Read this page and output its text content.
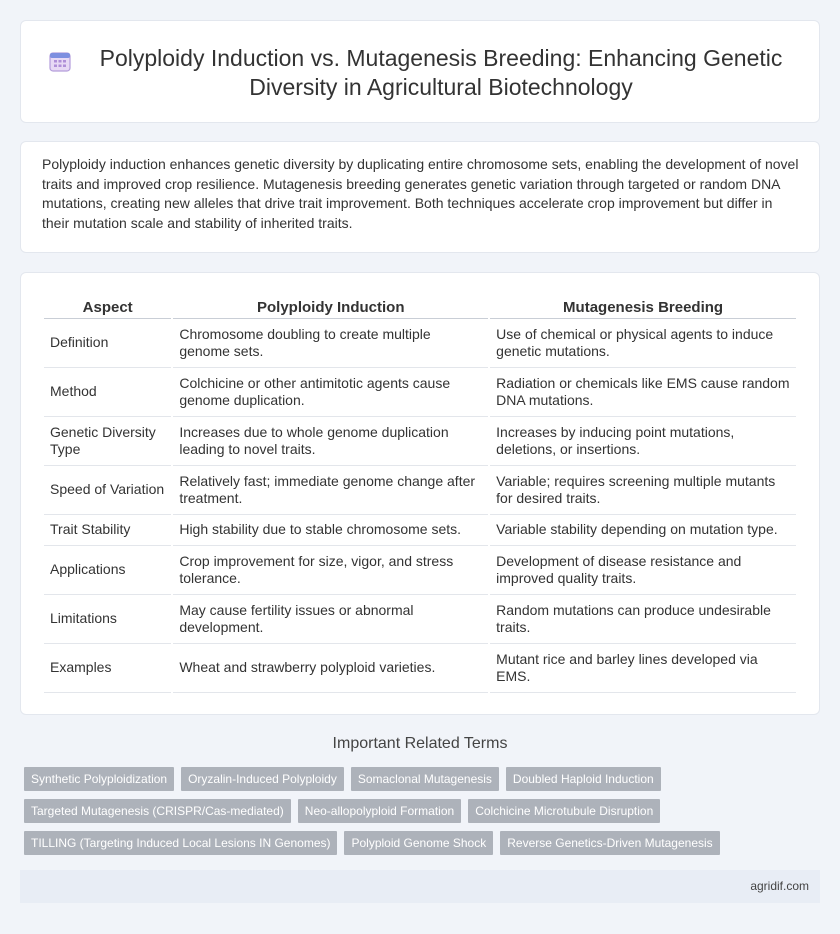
Polyploidy Induction vs. Mutagenesis Breeding: Enhancing Genetic Diversity in Agricultural Biotechnology

Polyploidy induction enhances genetic diversity by duplicating entire chromosome sets, enabling the development of novel traits and improved crop resilience. Mutagenesis breeding generates genetic variation through targeted or random DNA mutations, creating new alleles that drive trait improvement. Both techniques accelerate crop improvement but differ in their mutation scale and stability of inherited traits.

Aspect	Polyploidy Induction	Mutagenesis Breeding
Definition	Chromosome doubling to create multiple genome sets.	Use of chemical or physical agents to induce genetic mutations.
Method	Colchicine or other antimitotic agents cause genome duplication.	Radiation or chemicals like EMS cause random DNA mutations.
Genetic Diversity Type	Increases due to whole genome duplication leading to novel traits.	Increases by inducing point mutations, deletions, or insertions.
Speed of Variation	Relatively fast; immediate genome change after treatment.	Variable; requires screening multiple mutants for desired traits.
Trait Stability	High stability due to stable chromosome sets.	Variable stability depending on mutation type.
Applications	Crop improvement for size, vigor, and stress tolerance.	Development of disease resistance and improved quality traits.
Limitations	May cause fertility issues or abnormal development.	Random mutations can produce undesirable traits.
Examples	Wheat and strawberry polyploid varieties.	Mutant rice and barley lines developed via EMS.
Important Related Terms
Synthetic Polyploidization	Oryzalin-Induced Polyploidy	Somaclonal Mutagenesis	Doubled Haploid Induction
Targeted Mutagenesis (CRISPR/Cas-mediated)	Neo-allopolyploid Formation	Colchicine Microtubule Disruption
TILLING (Targeting Induced Local Lesions IN Genomes)	Polyploid Genome Shock	Reverse Genetics-Driven Mutagenesis
agridif.com
